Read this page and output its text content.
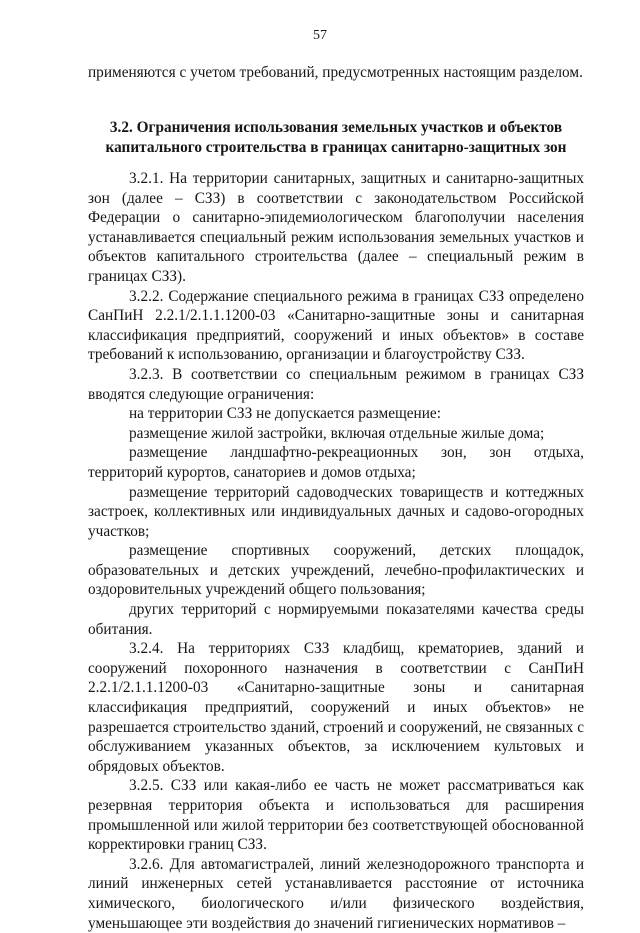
57

применяются с учетом требований, предусмотренных настоящим разделом.

3.2. Ограничения использования земельных участков и объектов
капитального строительства в границах санитарно-защитных зон

3.2.1. На территории санитарных, защитных и санитарно-защитных зон (далее – СЗЗ) в соответствии с законодательством Российской Федерации о санитарно-эпидемиологическом благополучии населения устанавливается специальный режим использования земельных участков и объектов капитального строительства (далее – специальный режим в границах СЗЗ).

3.2.2. Содержание специального режима в границах СЗЗ определено СанПиН 2.2.1/2.1.1.1200-03 «Санитарно-защитные зоны и санитарная классификация предприятий, сооружений и иных объектов» в составе требований к использованию, организации и благоустройству СЗЗ.

3.2.3. В соответствии со специальным режимом в границах СЗЗ вводятся следующие ограничения:

на территории СЗЗ не допускается размещение:

размещение жилой застройки, включая отдельные жилые дома;

размещение ландшафтно-рекреационных зон, зон отдыха, территорий курортов, санаториев и домов отдыха;

размещение территорий садоводческих товариществ и коттеджных застроек, коллективных или индивидуальных дачных и садово-огородных участков;

размещение спортивных сооружений, детских площадок, образовательных и детских учреждений, лечебно-профилактических и оздоровительных учреждений общего пользования;

других территорий с нормируемыми показателями качества среды обитания.

3.2.4. На территориях СЗЗ кладбищ, крематориев, зданий и сооружений похоронного назначения в соответствии с СанПиН 2.2.1/2.1.1.1200-03 «Санитарно-защитные зоны и санитарная классификация предприятий, сооружений и иных объектов» не разрешается строительство зданий, строений и сооружений, не связанных с обслуживанием указанных объектов, за исключением культовых и обрядовых объектов.

3.2.5. СЗЗ или какая-либо ее часть не может рассматриваться как резервная территория объекта и использоваться для расширения промышленной или жилой территории без соответствующей обоснованной корректировки границ СЗЗ.

3.2.6. Для автомагистралей, линий железнодорожного транспорта и линий инженерных сетей устанавливается расстояние от источника химического, биологического и/или физического воздействия, уменьшающее эти воздействия до значений гигиенических нормативов –
